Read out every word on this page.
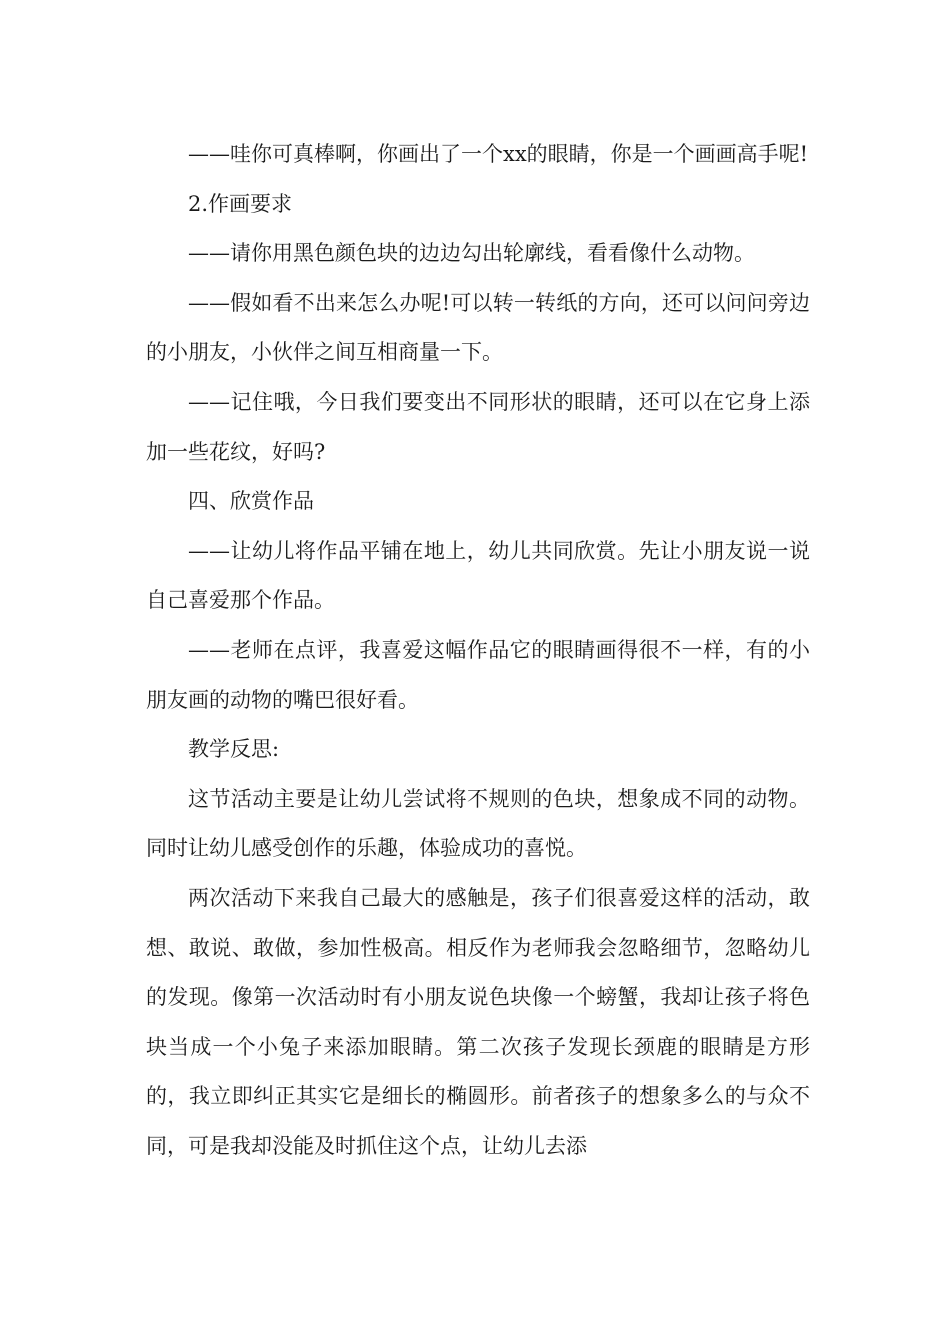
——哇你可真棒啊，你画出了一个xx的眼睛，你是一个画画高手呢!

2.作画要求

——请你用黑色颜色块的边边勾出轮廓线，看看像什么动物。

——假如看不出来怎么办呢!可以转一转纸的方向，还可以问问旁边的小朋友，小伙伴之间互相商量一下。

——记住哦，今日我们要变出不同形状的眼睛，还可以在它身上添加一些花纹，好吗?

四、欣赏作品

——让幼儿将作品平铺在地上，幼儿共同欣赏。先让小朋友说一说自己喜爱那个作品。

——老师在点评，我喜爱这幅作品它的眼睛画得很不一样，有的小朋友画的动物的嘴巴很好看。

教学反思:

这节活动主要是让幼儿尝试将不规则的色块，想象成不同的动物。同时让幼儿感受创作的乐趣，体验成功的喜悦。

两次活动下来我自己最大的感触是，孩子们很喜爱这样的活动，敢想、敢说、敢做，参加性极高。相反作为老师我会忽略细节，忽略幼儿的发现。像第一次活动时有小朋友说色块像一个螃蟹，我却让孩子将色块当成一个小兔子来添加眼睛。第二次孩子发现长颈鹿的眼睛是方形的，我立即纠正其实它是细长的椭圆形。前者孩子的想象多么的与众不同，可是我却没能及时抓住这个点，让幼儿去添
